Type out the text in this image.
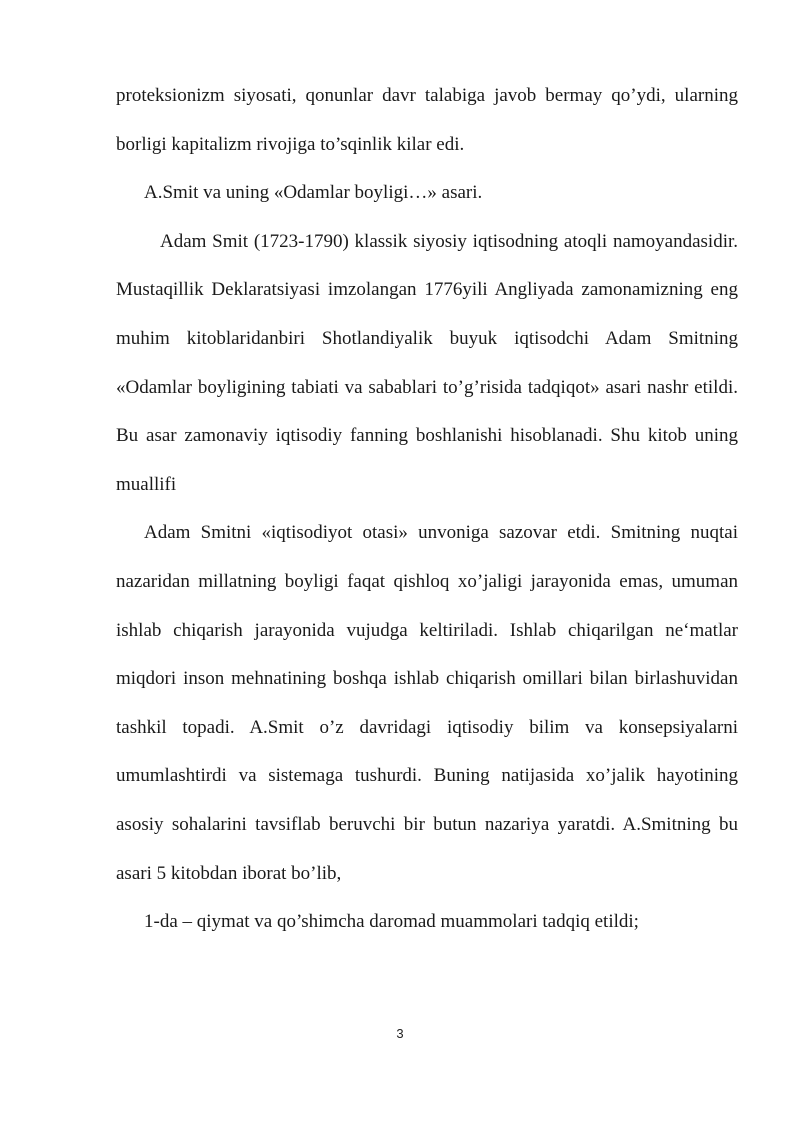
proteksionizm siyosati, qonunlar davr talabiga javob bermay qo’ydi, ularning borligi kapitalizm rivojiga to’sqinlik kilar edi.

A.Smit va uning «Odamlar boyligi…» asari.

Adam Smit (1723-1790) klassik siyosiy iqtisodning atoqli namoyandasidir. Mustaqillik Deklaratsiyasi imzolangan 1776yili Angliyada zamonamizning eng muhim kitoblaridanbiri Shotlandiyalik buyuk iqtisodchi Adam Smitning «Odamlar boyligining tabiati va sabablari to’g’risida tadqiqot» asari nashr etildi. Bu asar zamonaviy iqtisodiy fanning boshlanishi hisoblanadi. Shu kitob uning muallifi

Adam Smitni «iqtisodiyot otasi» unvoniga sazovar etdi. Smitning nuqtai nazaridan millatning boyligi faqat qishloq xo’jaligi jarayonida emas, umuman ishlab chiqarish jarayonida vujudga keltiriladi. Ishlab chiqarilgan ne‘matlar miqdori inson mehnatining boshqa ishlab chiqarish omillari bilan birlashuvidan tashkil topadi. A.Smit o’z davridagi iqtisodiy bilim va konsepsiyalarni umumlashtirdi va sistemaga tushurdi. Buning natijasida xo’jalik hayotining asosiy sohalarini tavsiflab beruvchi bir butun nazariya yaratdi. A.Smitning bu asari 5 kitobdan iborat bo’lib,

1-da – qiymat va qo’shimcha daromad muammolari tadqiq etildi;

3
